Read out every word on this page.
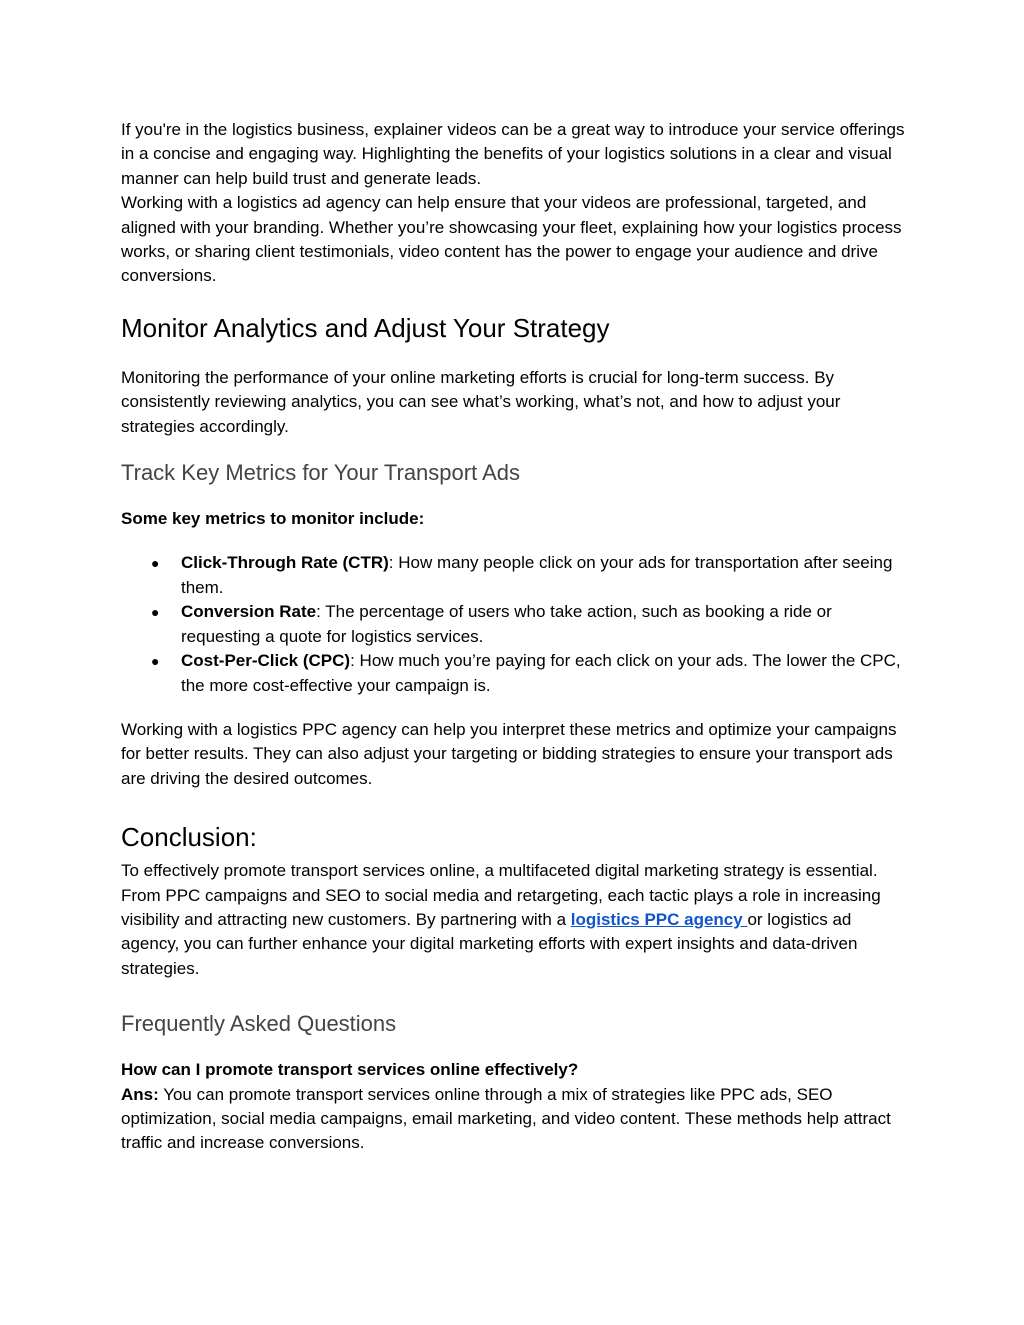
If you're in the logistics business, explainer videos can be a great way to introduce your service offerings in a concise and engaging way. Highlighting the benefits of your logistics solutions in a clear and visual manner can help build trust and generate leads.

Working with a logistics ad agency can help ensure that your videos are professional, targeted, and aligned with your branding. Whether you’re showcasing your fleet, explaining how your logistics process works, or sharing client testimonials, video content has the power to engage your audience and drive conversions.

Monitor Analytics and Adjust Your Strategy

Monitoring the performance of your online marketing efforts is crucial for long-term success. By consistently reviewing analytics, you can see what’s working, what’s not, and how to adjust your strategies accordingly.

Track Key Metrics for Your Transport Ads

Some key metrics to monitor include:

● Click-Through Rate (CTR): How many people click on your ads for transportation after seeing them.
● Conversion Rate: The percentage of users who take action, such as booking a ride or requesting a quote for logistics services.
● Cost-Per-Click (CPC): How much you’re paying for each click on your ads. The lower the CPC, the more cost-effective your campaign is.

Working with a logistics PPC agency can help you interpret these metrics and optimize your campaigns for better results. They can also adjust your targeting or bidding strategies to ensure your transport ads are driving the desired outcomes.

Conclusion:

To effectively promote transport services online, a multifaceted digital marketing strategy is essential. From PPC campaigns and SEO to social media and retargeting, each tactic plays a role in increasing visibility and attracting new customers. By partnering with a logistics PPC agency or logistics ad agency, you can further enhance your digital marketing efforts with expert insights and data-driven strategies.

Frequently Asked Questions

How can I promote transport services online effectively?

Ans: You can promote transport services online through a mix of strategies like PPC ads, SEO optimization, social media campaigns, email marketing, and video content. These methods help attract traffic and increase conversions.
